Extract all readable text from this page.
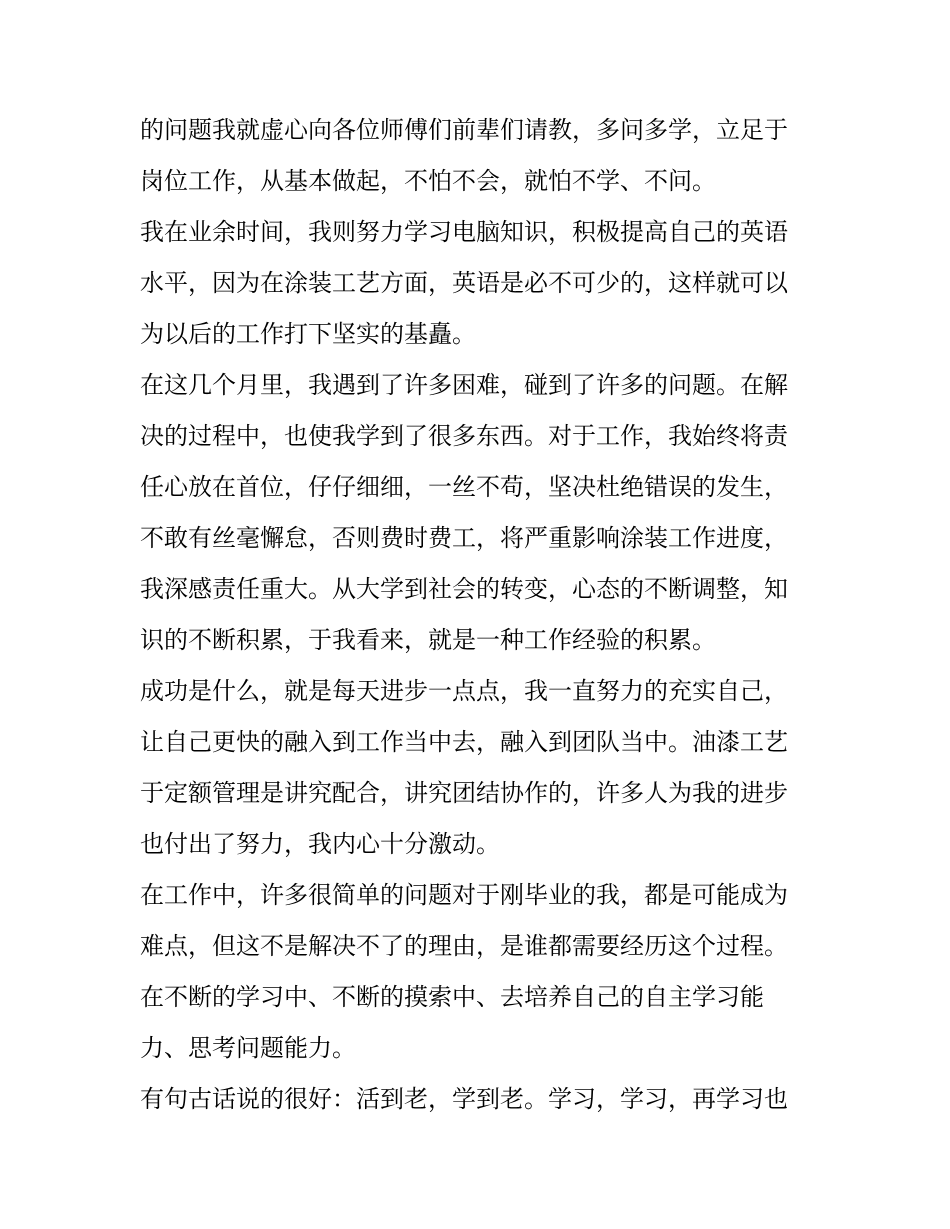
的问题我就虚心向各位师傅们前辈们请教，多问多学，立足于
岗位工作，从基本做起，不怕不会，就怕不学、不问。
我在业余时间，我则努力学习电脑知识，积极提高自己的英语
水平，因为在涂装工艺方面，英语是必不可少的，这样就可以
为以后的工作打下坚实的基矗。
在这几个月里，我遇到了许多困难，碰到了许多的问题。在解
决的过程中，也使我学到了很多东西。对于工作，我始终将责
任心放在首位，仔仔细细，一丝不苟，坚决杜绝错误的发生，
不敢有丝毫懈怠，否则费时费工，将严重影响涂装工作进度，
我深感责任重大。从大学到社会的转变，心态的不断调整，知
识的不断积累，于我看来，就是一种工作经验的积累。
成功是什么，就是每天进步一点点，我一直努力的充实自己，
让自己更快的融入到工作当中去，融入到团队当中。油漆工艺
于定额管理是讲究配合，讲究团结协作的，许多人为我的进步
也付出了努力，我内心十分激动。
在工作中，许多很简单的问题对于刚毕业的我，都是可能成为
难点，但这不是解决不了的理由，是谁都需要经历这个过程。
在不断的学习中、不断的摸索中、去培养自己的自主学习能
力、思考问题能力。
有句古话说的很好：活到老，学到老。学习，学习，再学习也
